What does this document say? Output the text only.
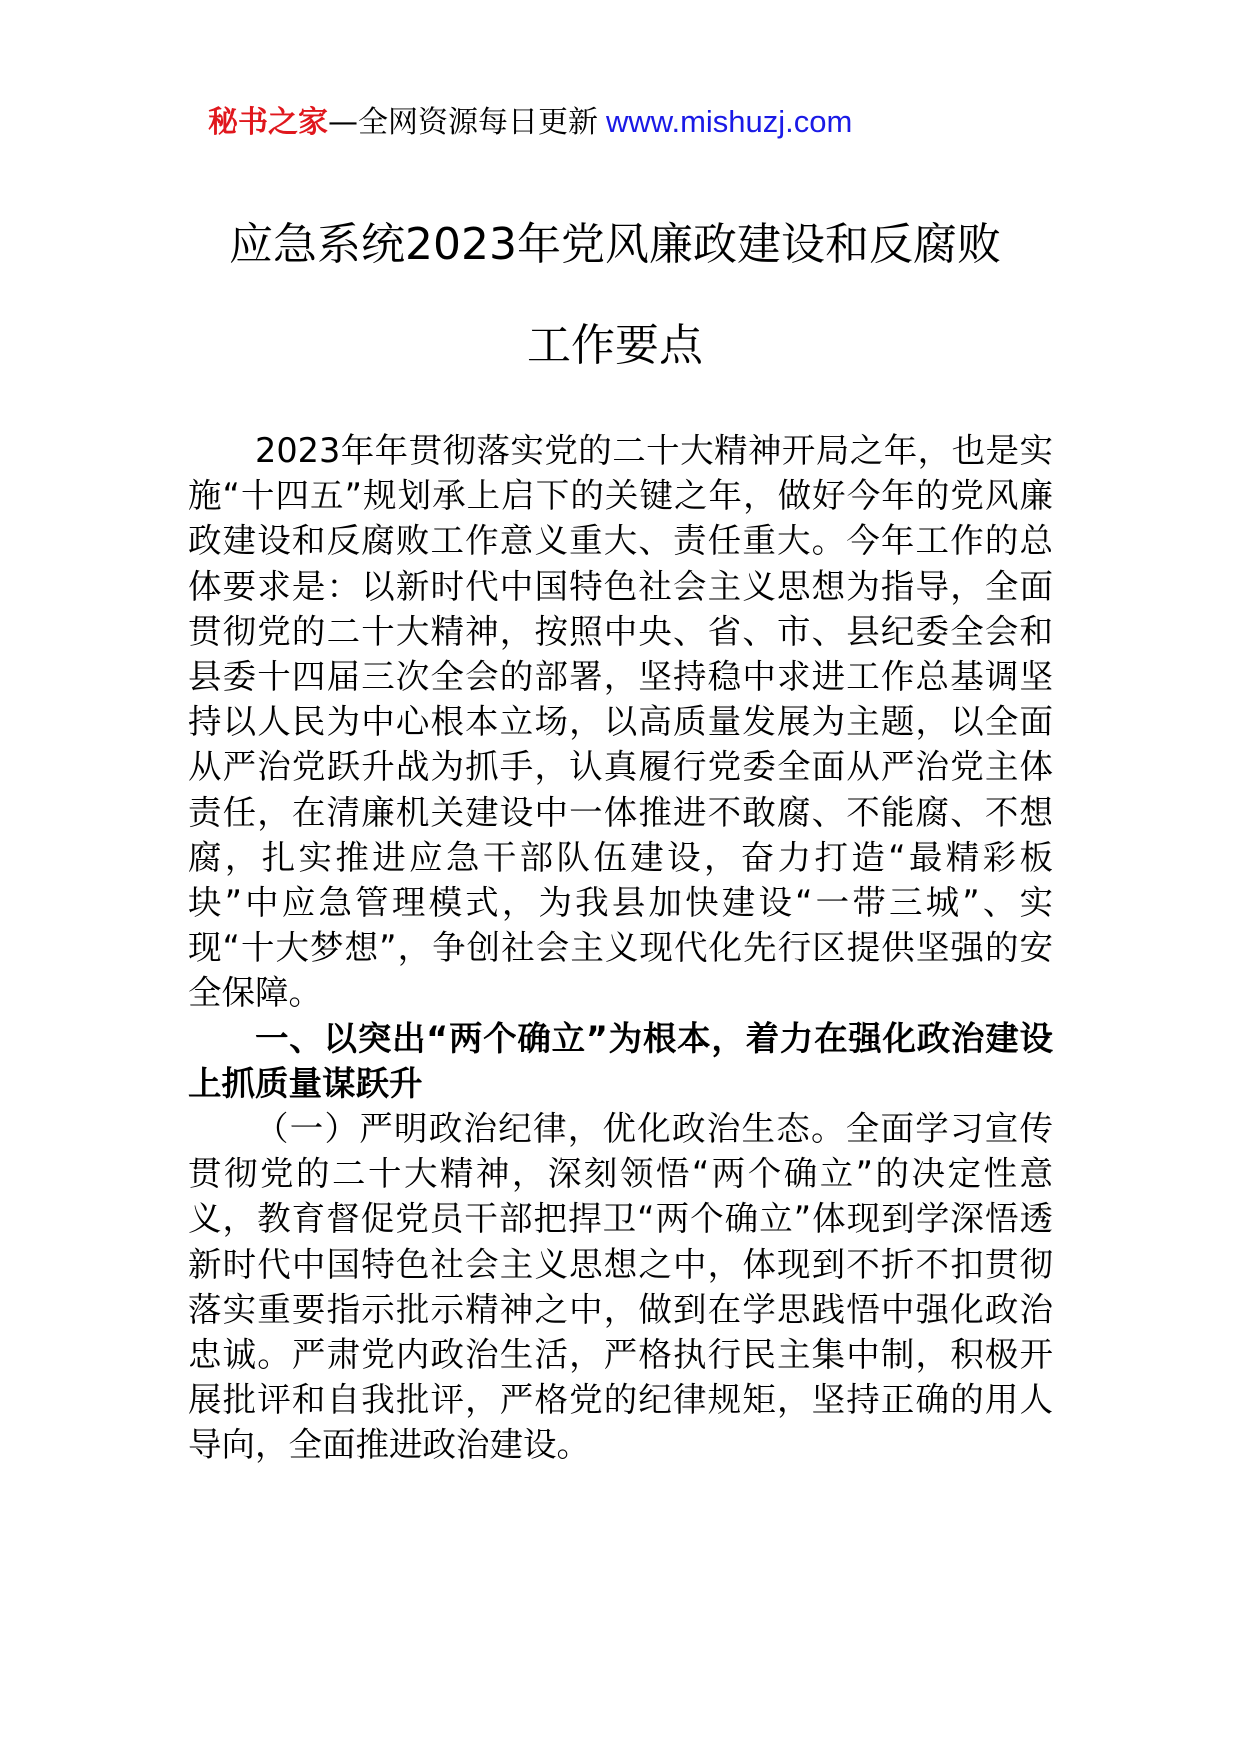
秘书之家—全网资源每日更新 www.mishuzj.com
应急系统2023年党风廉政建设和反腐败
工作要点

2023年年贯彻落实党的二十大精神开局之年，也是实施“十四五”规划承上启下的关键之年，做好今年的党风廉政建设和反腐败工作意义重大、责任重大。今年工作的总体要求是：以新时代中国特色社会主义思想为指导，全面贯彻党的二十大精神，按照中央、省、市、县纪委全会和县委十四届三次全会的部署，坚持稳中求进工作总基调坚持以人民为中心根本立场，以高质量发展为主题，以全面从严治党跃升战为抓手，认真履行党委全面从严治党主体责任，在清廉机关建设中一体推进不敢腐、不能腐、不想腐，扎实推进应急干部队伍建设，奋力打造“最精彩板块”中应急管理模式，为我县加快建设“一带三城”、实现“十大梦想”，争创社会主义现代化先行区提供坚强的安全保障。

一、以突出“两个确立”为根本，着力在强化政治建设上抓质量谋跃升

（一）严明政治纪律，优化政治生态。全面学习宣传贯彻党的二十大精神，深刻领悟“两个确立”的决定性意义，教育督促党员干部把捍卫“两个确立”体现到学深悟透新时代中国特色社会主义思想之中，体现到不折不扣贯彻落实重要指示批示精神之中，做到在学思践悟中强化政治忠诚。严肃党内政治生活，严格执行民主集中制，积极开展批评和自我批评，严格党的纪律规矩，坚持正确的用人导向，全面推进政治建设。
